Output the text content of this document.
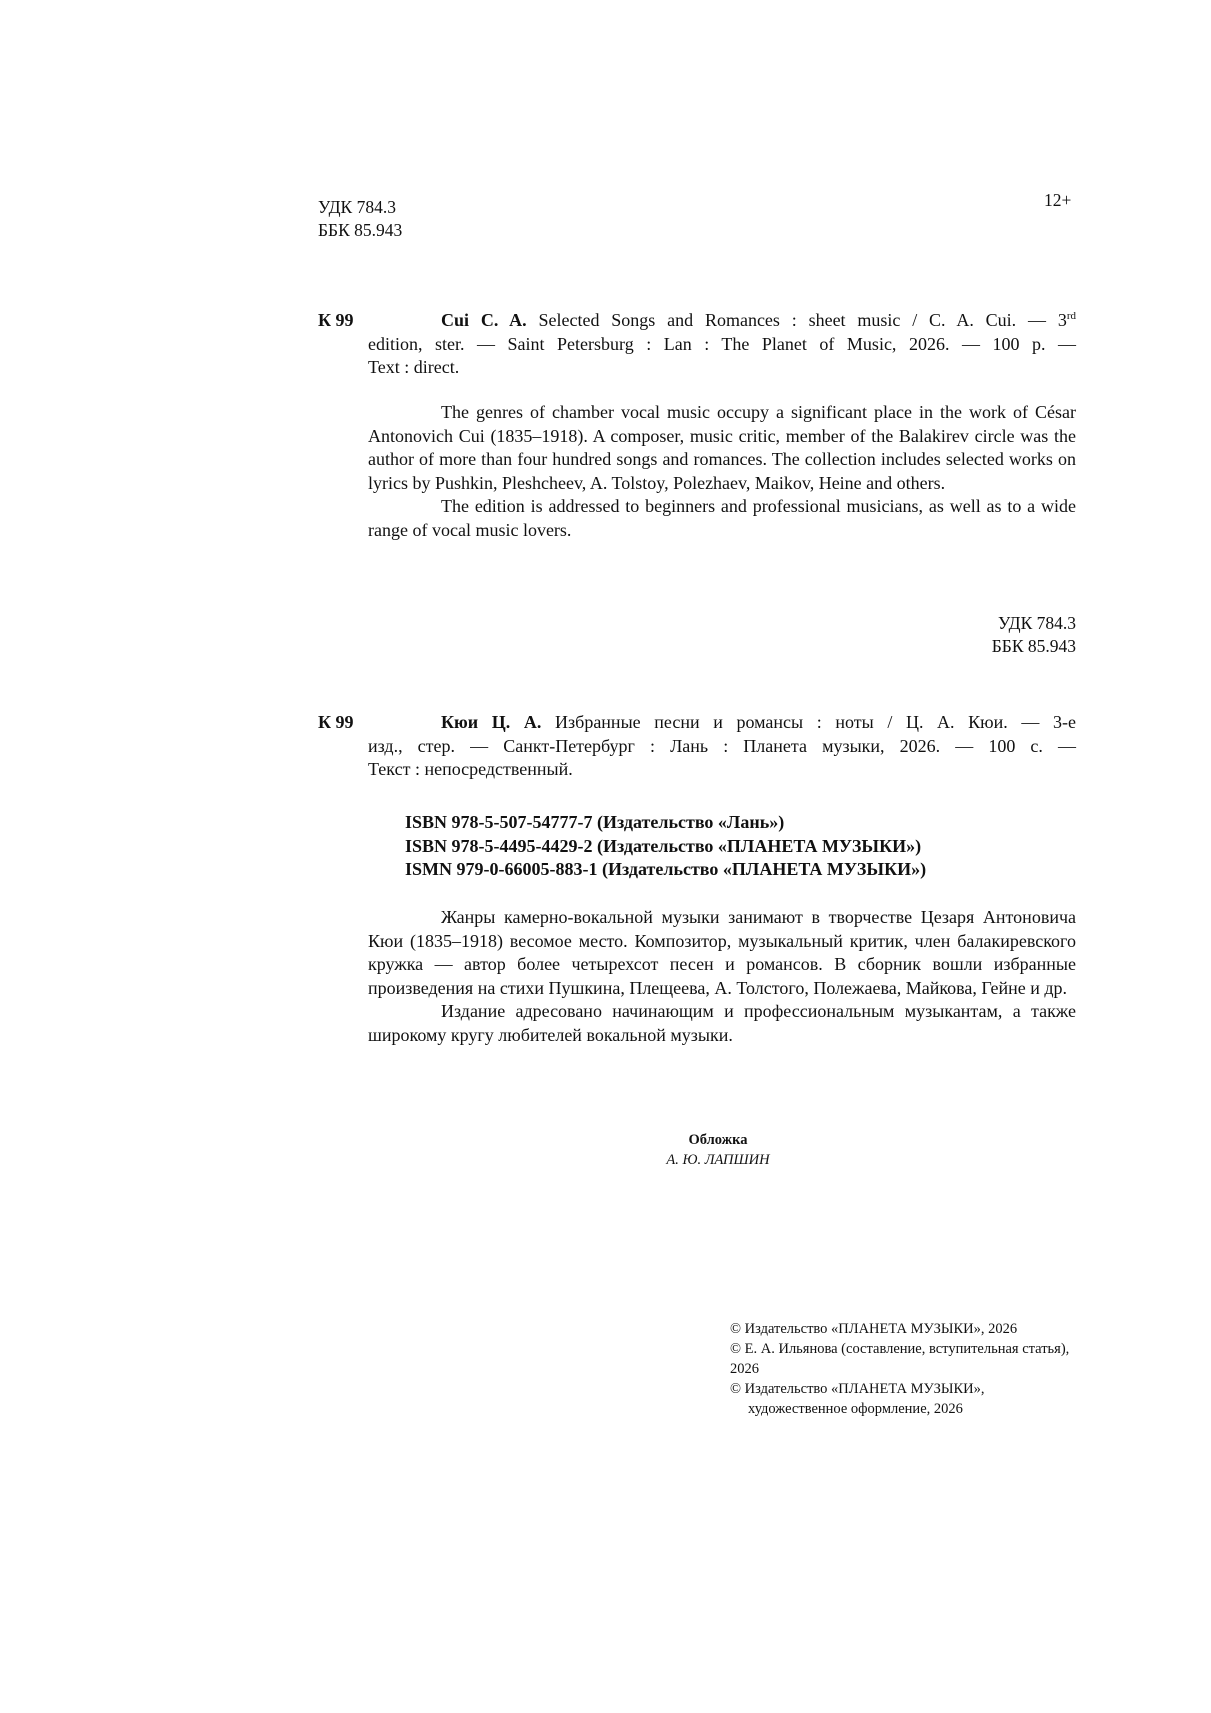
УДК 784.3
ББК 85.943
12+
К 99	Cui C. A. Selected Songs and Romances : sheet music / C. A. Cui. — 3rd
edition, ster. — Saint Petersburg : Lan : The Planet of Music, 2026. — 100 p. —
Text : direct.

The genres of chamber vocal music occupy a significant place in the work of César Antonovich Cui (1835–1918). A composer, music critic, member of the Balakirev circle was the author of more than four hundred songs and romances. The collection includes selected works on lyrics by Pushkin, Pleshcheev, A. Tolstoy, Polezhaev, Maikov, Heine and others.

The edition is addressed to beginners and professional musicians, as well as to a wide range of vocal music lovers.

УДК 784.3
ББК 85.943
К 99	Кюи Ц. А. Избранные песни и романсы : ноты / Ц. А. Кюи. — 3-е
изд., стер. — Санкт-Петербург : Лань : Планета музыки, 2026. — 100 с. —
Текст : непосредственный.
ISBN 978-5-507-54777-7 (Издательство «Лань»)
ISBN 978-5-4495-4429-2 (Издательство «ПЛАНЕТА МУЗЫКИ»)
ISMN 979-0-66005-883-1 (Издательство «ПЛАНЕТА МУЗЫКИ»)

Жанры камерно-вокальной музыки занимают в творчестве Цезаря Антоновича Кюи (1835–1918) весомое место. Композитор, музыкальный критик, член балакиревского кружка — автор более четырехсот песен и романсов. В сборник вошли избранные произведения на стихи Пушкина, Плещеева, А. Толстого, Полежаева, Майкова, Гейне и др.

Издание адресовано начинающим и профессиональным музыкантам, а также широкому кругу любителей вокальной музыки.

Обложка
А. Ю. ЛАПШИН
© Издательство «ПЛАНЕТА МУЗЫКИ», 2026
© Е. А. Ильянова (составление, вступительная статья), 2026
© Издательство «ПЛАНЕТА МУЗЫКИ»,
художественное оформление, 2026
